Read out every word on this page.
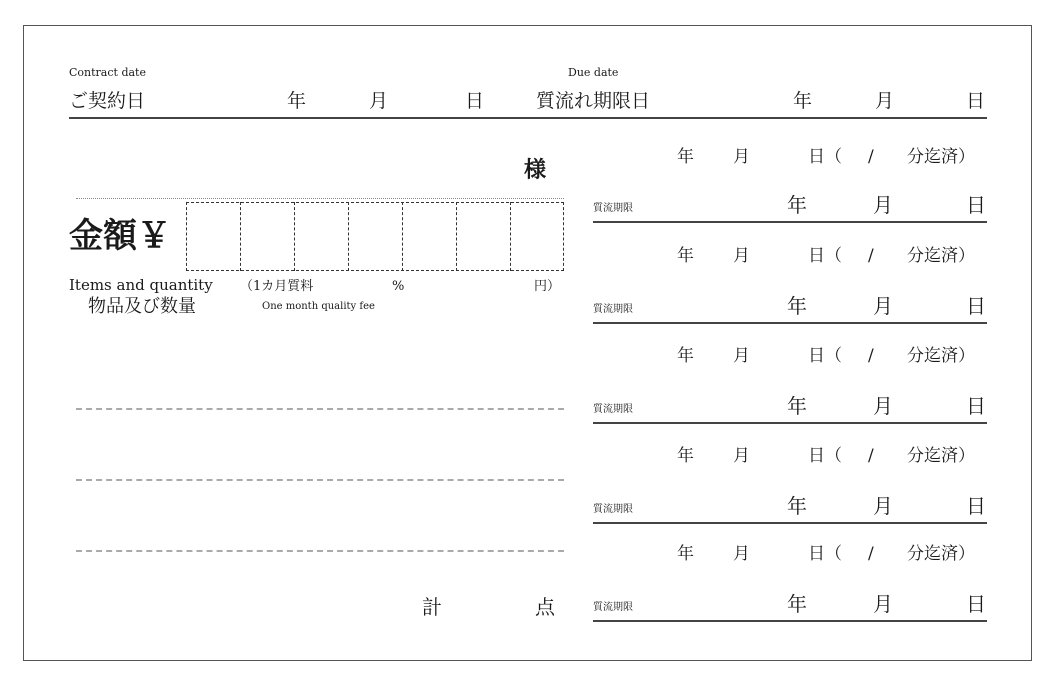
Contract date
ご契約日	年	月	日
Due date
質流れ期限日	年	月	日
様
金額￥
Items and quantity
物品及び数量
（1カ月質料	%	円）
One month quality fee
計	点
年 月	日（ / 分迄済）
質流期限	年	月	日
年 月	日（ / 分迄済）
質流期限	年	月	日
年 月	日（ / 分迄済）
質流期限	年	月	日
年 月	日（ / 分迄済）
質流期限	年	月	日
年 月	日（ / 分迄済）
質流期限	年	月	日
